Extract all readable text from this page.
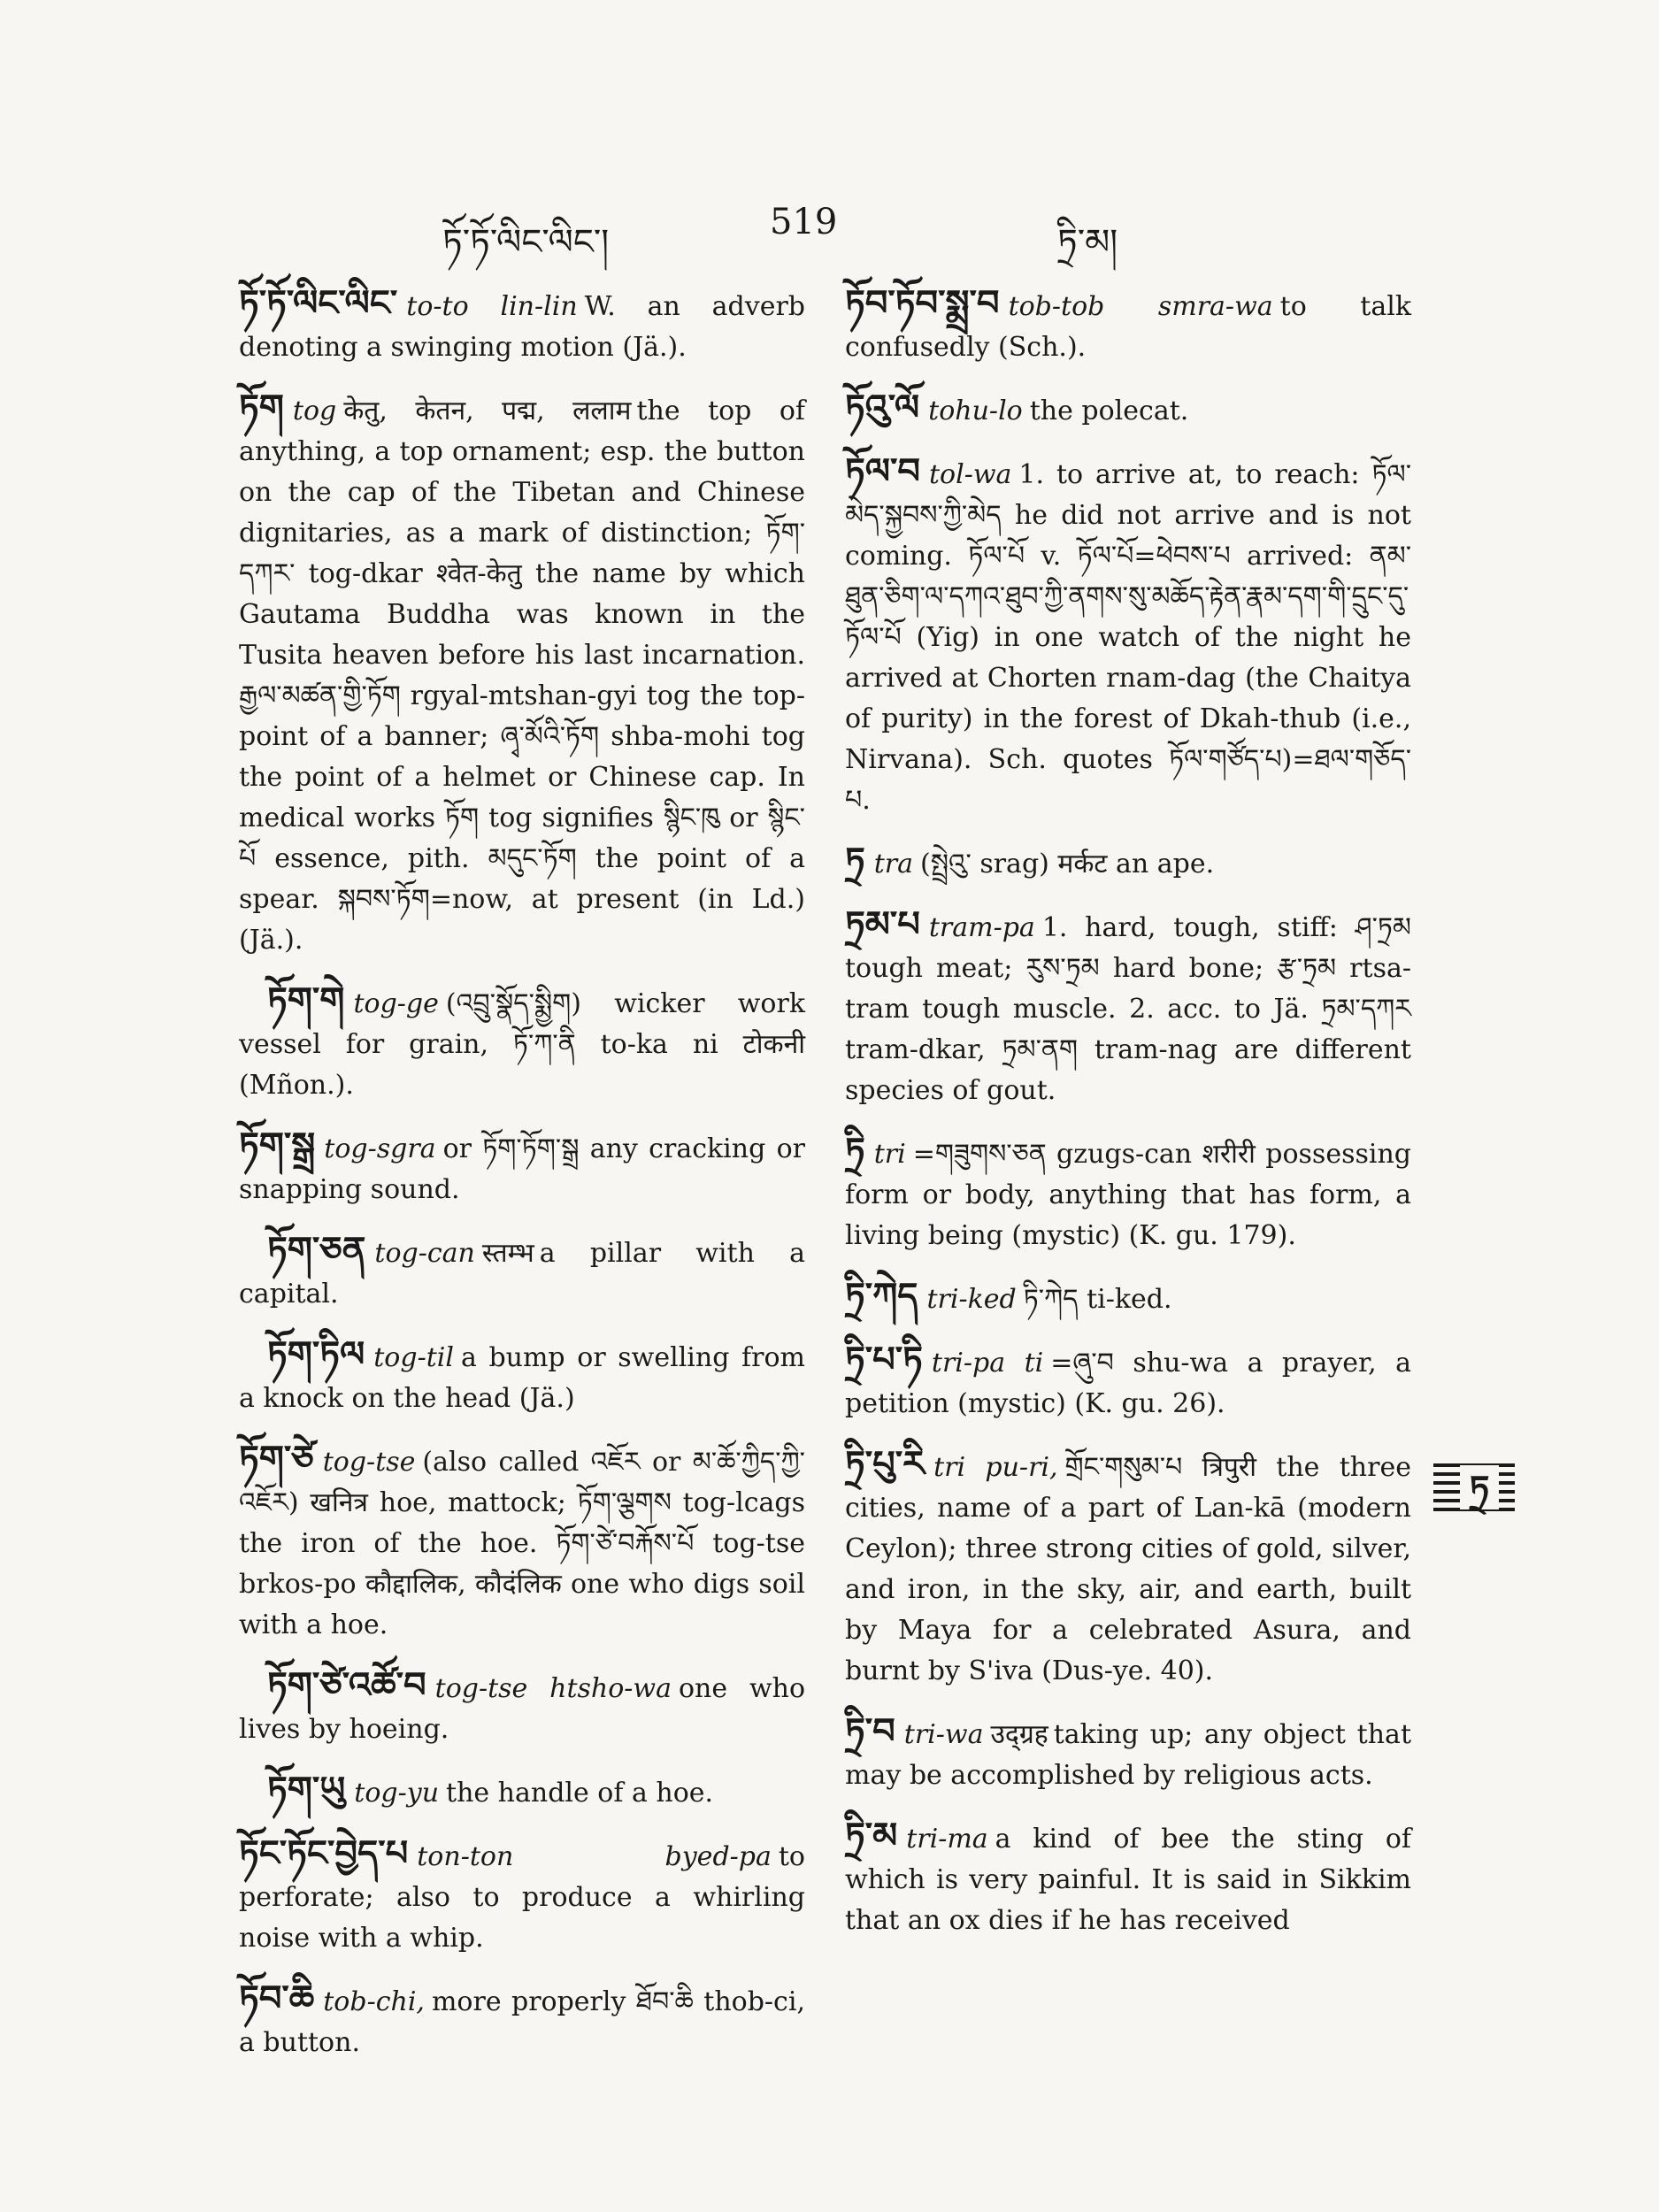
ཏོ་ཏོ་ལིང་ལིང་།	519	ཏྲི་མ།

ཏོ་ཏོ་ལིང་ལིང་ to-to lin-lin W. an adverb denoting a swinging motion (Jä.).

ཏོག tog केतु, केतन, पद्म, ललाम the top of anything, a top ornament; esp. the button on the cap of the Tibetan and Chinese dignitaries, as a mark of distinction; ཏོག་དཀར་ tog-dkar श्वेत-केतु the name by which Gautama Buddha was known in the Tusita heaven before his last incarnation. རྒྱལ་མཚན་གྱི་ཏོག rgyal-mtshan-gyi tog the top-point of a banner; ཞྭ་མོའི་ཏོག shba-mohi tog the point of a helmet or Chinese cap. In medical works ཏོག tog signifies སྙིང་ཁུ or སྙིང་པོ essence, pith. མདུང་ཏོག the point of a spear. སྐབས་ཏོག=now, at present (in Ld.) (Jä.).

ཏོག་གེ tog-ge (འབྲུ་སྣོད་སྨྱིག) wicker work vessel for grain, ཏོ་ཀ་ནི to-ka ni टोकनी (Mñon.).

ཏོག་སྒྲ tog-sgra or ཏོག་ཏོག་སྒྲ any cracking or snapping sound.

ཏོག་ཅན tog-can स्तम्भ a pillar with a capital.

ཏོག་ཏིལ tog-til a bump or swelling from a knock on the head (Jä.)

ཏོག་ཙེ tog-tse (also called འཇོར or མ་ཆོ་ཀྱིད་ཀྱི་འཇོར) खनित्र hoe, mattock; ཏོག་ལྕགས tog-lcags the iron of the hoe. ཏོག་ཙེ་བརྐོས་པོ tog-tse brkos-po कौद्दालिक, कौदंलिक one who digs soil with a hoe.

ཏོག་ཙེ་འཚོ་བ tog-tse htsho-wa one who lives by hoeing.

ཏོག་ཡུ tog-yu the handle of a hoe.

ཏོང་ཏོང་བྱེད་པ ton-ton byed-pa to perforate; also to produce a whirling noise with a whip.

ཏོབ་ཆི tob-chi, more properly ཐོབ་ཆི thob-ci, a button.

ཏོབ་ཏོབ་སྨྲ་བ tob-tob smra-wa to talk confusedly (Sch.).

ཏོའུ་ལོ tohu-lo the polecat.

ཏོལ་བ tol-wa 1. to arrive at, to reach: ཏོལ་མེད་སྐྱབས་ཀྱི་མེད he did not arrive and is not coming. ཏོལ་པོ v. ཏོལ་པོ=ཕེབས་པ arrived: ནམ་ཐུན་ཅིག་ལ་དཀའ་ཐུབ་ཀྱི་ནགས་སུ་མཆོད་རྟེན་རྣམ་དག་གི་དྲུང་དུ་ཏོལ་པོ (Yig) in one watch of the night he arrived at Chorten rnam-dag (the Chaitya of purity) in the forest of Dkah-thub (i.e., Nirvana). Sch. quotes ཏོལ་གཙོད་པ)=ཐལ་གཅོད་པ.

ཏྲ tra (སྤྲེའུ་ srag) मर्कट an ape.

ཏྲམ་པ tram-pa 1. hard, tough, stiff: ཤ་ཏྲམ tough meat; རུས་ཏྲམ hard bone; རྩ་ཏྲམ rtsa-tram tough muscle. 2. acc. to Jä. ཏྲམ་དཀར tram-dkar, ཏྲམ་ནག tram-nag are different species of gout.

ཏྲི tri =གཟུགས་ཅན gzugs-can शरीरी possessing form or body, anything that has form, a living being (mystic) (K. gu. 179).

ཏྲི་ཀེད tri-ked ཏི་ཀེད ti-ked.

ཏྲི་པ་ཏི tri-pa ti =ཞུ་བ shu-wa a prayer, a petition (mystic) (K. gu. 26).

ཏྲི་པུ་རི tri pu-ri, གྲོང་གསུམ་པ त्रिपुरी the three cities, name of a part of Lan-kā (modern Ceylon); three strong cities of gold, silver, and iron, in the sky, air, and earth, built by Maya for a celebrated Asura, and burnt by S'iva (Dus-ye. 40).

ཏྲི་བ tri-wa उद्ग्रह taking up; any object that may be accomplished by religious acts.

ཏྲི་མ tri-ma a kind of bee the sting of which is very painful. It is said in Sikkim that an ox dies if he has received

ཏྲ
